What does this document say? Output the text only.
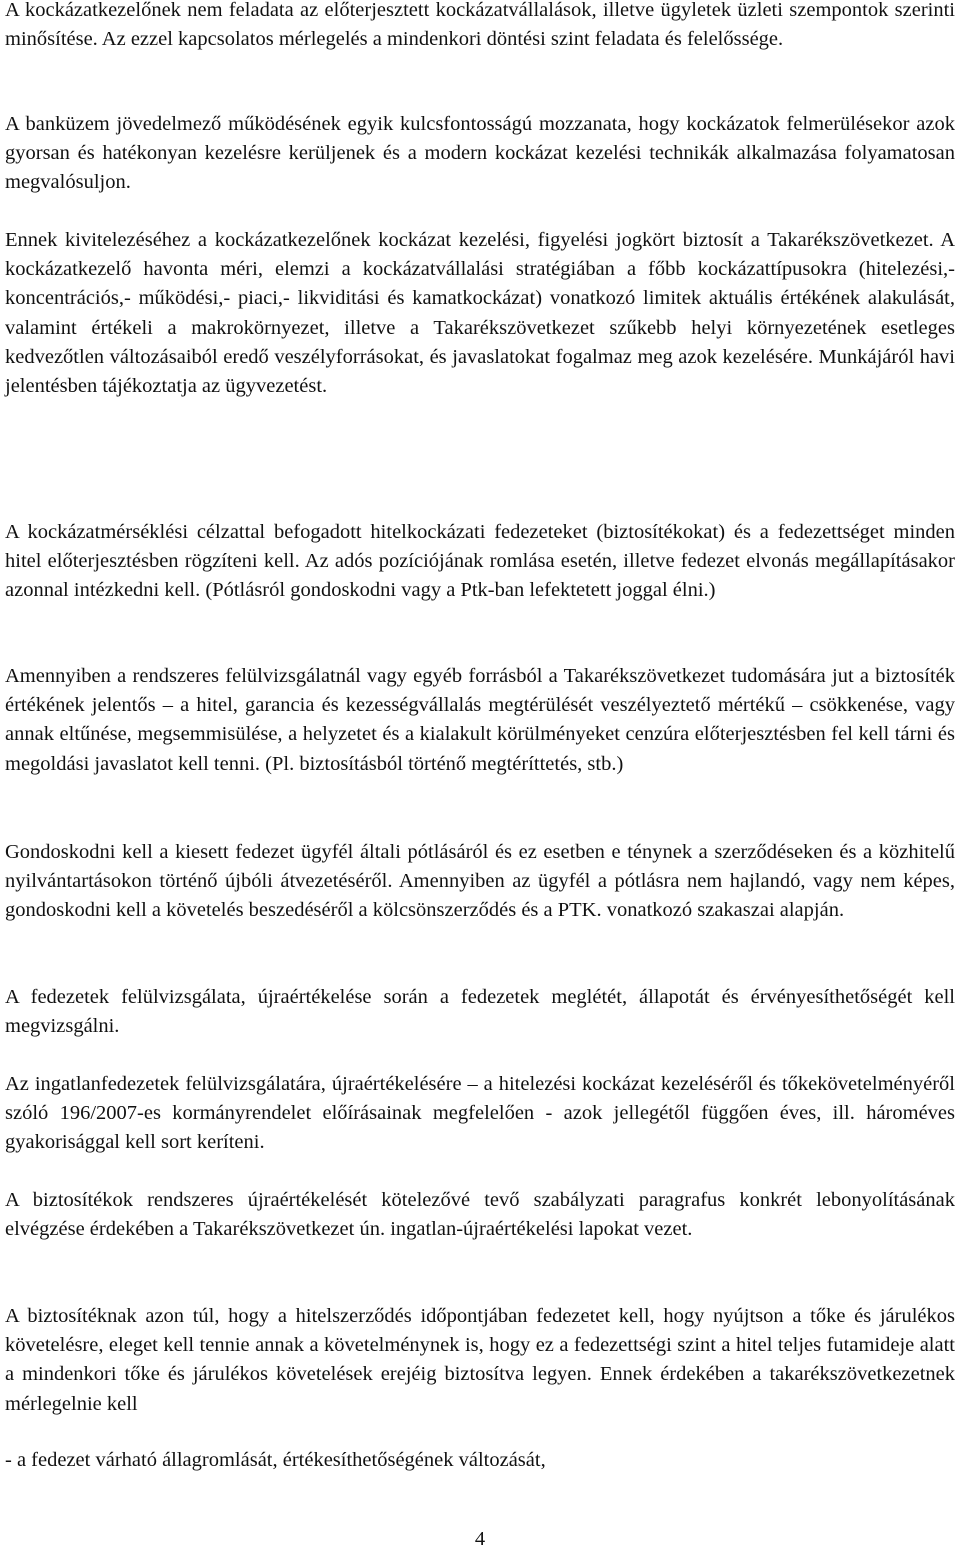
A kockázatkezelőnek nem feladata az előterjesztett kockázatvállalások, illetve ügyletek üzleti szempontok szerinti minősítése. Az ezzel kapcsolatos mérlegelés a mindenkori döntési szint feladata és felelőssége.

A banküzem jövedelmező működésének egyik kulcsfontosságú mozzanata, hogy kockázatok felmerülésekor azok gyorsan és hatékonyan kezelésre kerüljenek és a modern kockázat kezelési technikák alkalmazása folyamatosan megvalósuljon.

Ennek kivitelezéséhez a kockázatkezelőnek kockázat kezelési, figyelési jogkört biztosít a Takarékszövetkezet. A kockázatkezelő havonta méri, elemzi a kockázatvállalási stratégiában a főbb kockázattípusokra (hitelezési,- koncentrációs,- működési,- piaci,- likviditási és kamatkockázat) vonatkozó limitek aktuális értékének alakulását, valamint értékeli a makrokörnyezet, illetve a Takarékszövetkezet szűkebb helyi környezetének esetleges kedvezőtlen változásaiból eredő veszélyforrásokat, és javaslatokat fogalmaz meg azok kezelésére. Munkájáról havi jelentésben tájékoztatja az ügyvezetést.

A kockázatmérséklési célzattal befogadott hitelkockázati fedezeteket (biztosítékokat) és a fedezettséget minden hitel előterjesztésben rögzíteni kell. Az adós pozíciójának romlása esetén, illetve fedezet elvonás megállapításakor azonnal intézkedni kell. (Pótlásról gondoskodni vagy a Ptk-ban lefektetett joggal élni.)

Amennyiben a rendszeres felülvizsgálatnál vagy egyéb forrásból a Takarékszövetkezet tudomására jut a biztosíték értékének jelentős – a hitel, garancia és kezességvállalás megtérülését veszélyeztető mértékű – csökkenése, vagy annak eltűnése, megsemmisülése, a helyzetet és a kialakult körülményeket cenzúra előterjesztésben fel kell tárni és megoldási javaslatot kell tenni. (Pl. biztosításból történő megtéríttetés, stb.)

Gondoskodni kell a kiesett fedezet ügyfél általi pótlásáról és ez esetben e ténynek a szerződéseken és a közhitelű nyilvántartásokon történő újbóli átvezetéséről. Amennyiben az ügyfél a pótlásra nem hajlandó, vagy nem képes, gondoskodni kell a követelés beszedéséről a kölcsönszerződés és a PTK. vonatkozó szakaszai alapján.

A fedezetek felülvizsgálata, újraértékelése során a fedezetek meglétét, állapotát és érvényesíthetőségét kell megvizsgálni.

Az ingatlanfedezetek felülvizsgálatára, újraértékelésére – a hitelezési kockázat kezeléséről és tőkekövetelményéről szóló 196/2007-es kormányrendelet előírásainak megfelelően - azok jellegétől függően éves, ill. hároméves gyakorisággal kell sort keríteni.

A biztosítékok rendszeres újraértékelését kötelezővé tevő szabályzati paragrafus konkrét lebonyolításának elvégzése érdekében a Takarékszövetkezet ún. ingatlan-újraértékelési lapokat vezet.

A biztosítéknak azon túl, hogy a hitelszerződés időpontjában fedezetet kell, hogy nyújtson a tőke és járulékos követelésre, eleget kell tennie annak a követelménynek is, hogy ez a fedezettségi szint a hitel teljes futamideje alatt a mindenkori tőke és járulékos követelések erejéig biztosítva legyen. Ennek érdekében a takarékszövetkezetnek mérlegelnie kell

- a fedezet várható állagromlását, értékesíthetőségének változását,

4
